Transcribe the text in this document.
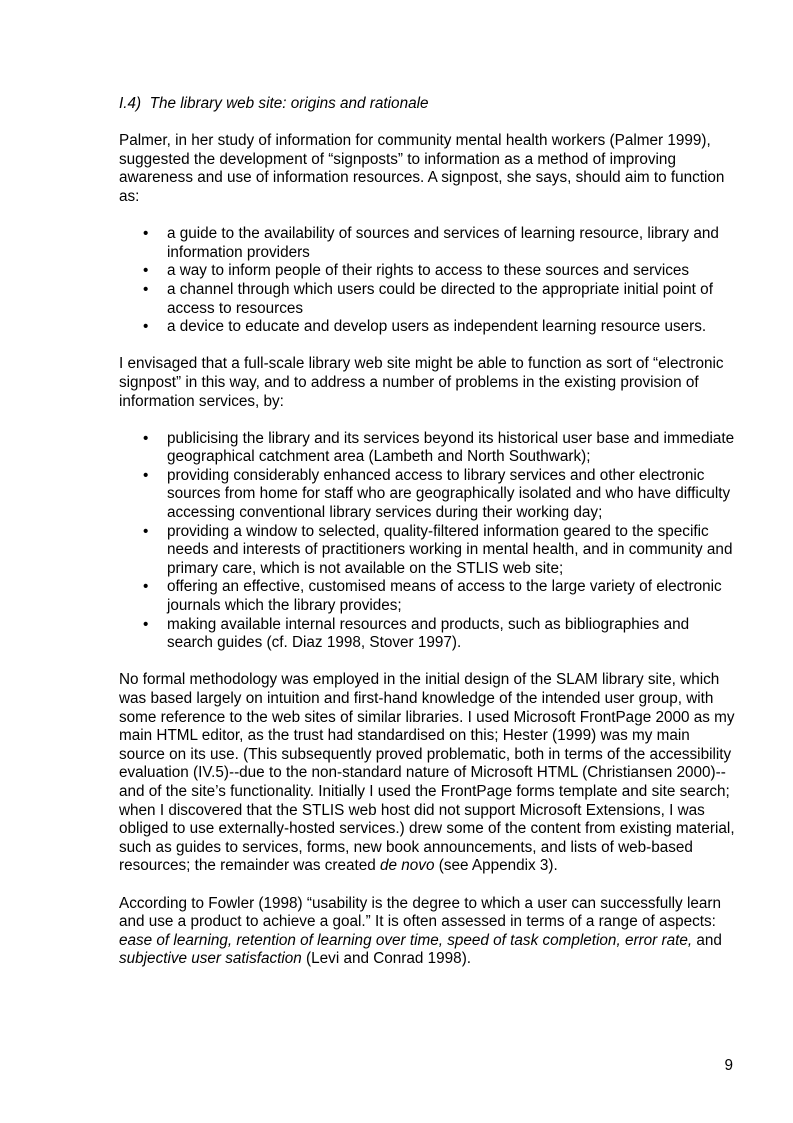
I.4)  The library web site: origins and rationale

Palmer, in her study of information for community mental health workers (Palmer 1999), suggested the development of “signposts” to information as a method of improving awareness and use of information resources. A signpost, she says, should aim to function as:

•	a guide to the availability of sources and services of learning resource, library and information providers
•	a way to inform people of their rights to access to these sources and services
•	a channel through which users could be directed to the appropriate initial point of access to resources
•	a device to educate and develop users as independent learning resource users.

I envisaged that a full-scale library web site might be able to function as sort of “electronic signpost” in this way, and to address a number of problems in the existing provision of information services, by:

•	publicising the library and its services beyond its historical user base and immediate geographical catchment area (Lambeth and North Southwark);
•	providing considerably enhanced access to library services and other electronic sources from home for staff who are geographically isolated and who have difficulty accessing conventional library services during their working day;
•	providing a window to selected, quality-filtered information geared to the specific needs and interests of practitioners working in mental health, and in community and primary care, which is not available on the STLIS web site;
•	offering an effective, customised means of access to the large variety of electronic journals which the library provides;
•	making available internal resources and products, such as bibliographies and search guides (cf. Diaz 1998, Stover 1997).

No formal methodology was employed in the initial design of the SLAM library site, which was based largely on intuition and first-hand knowledge of the intended user group, with some reference to the web sites of similar libraries. I used Microsoft FrontPage 2000 as my main HTML editor, as the trust had standardised on this; Hester (1999) was my main source on its use. (This subsequently proved problematic, both in terms of the accessibility evaluation (IV.5)--due to the non-standard nature of Microsoft HTML (Christiansen 2000)--and of the site’s functionality. Initially I used the FrontPage forms template and site search; when I discovered that the STLIS web host did not support Microsoft Extensions, I was obliged to use externally-hosted services.) drew some of the content from existing material, such as guides to services, forms, new book announcements, and lists of web-based resources; the remainder was created de novo (see Appendix 3).

According to Fowler (1998) “usability is the degree to which a user can successfully learn and use a product to achieve a goal.” It is often assessed in terms of a range of aspects: ease of learning, retention of learning over time, speed of task completion, error rate, and subjective user satisfaction (Levi and Conrad 1998).

9
